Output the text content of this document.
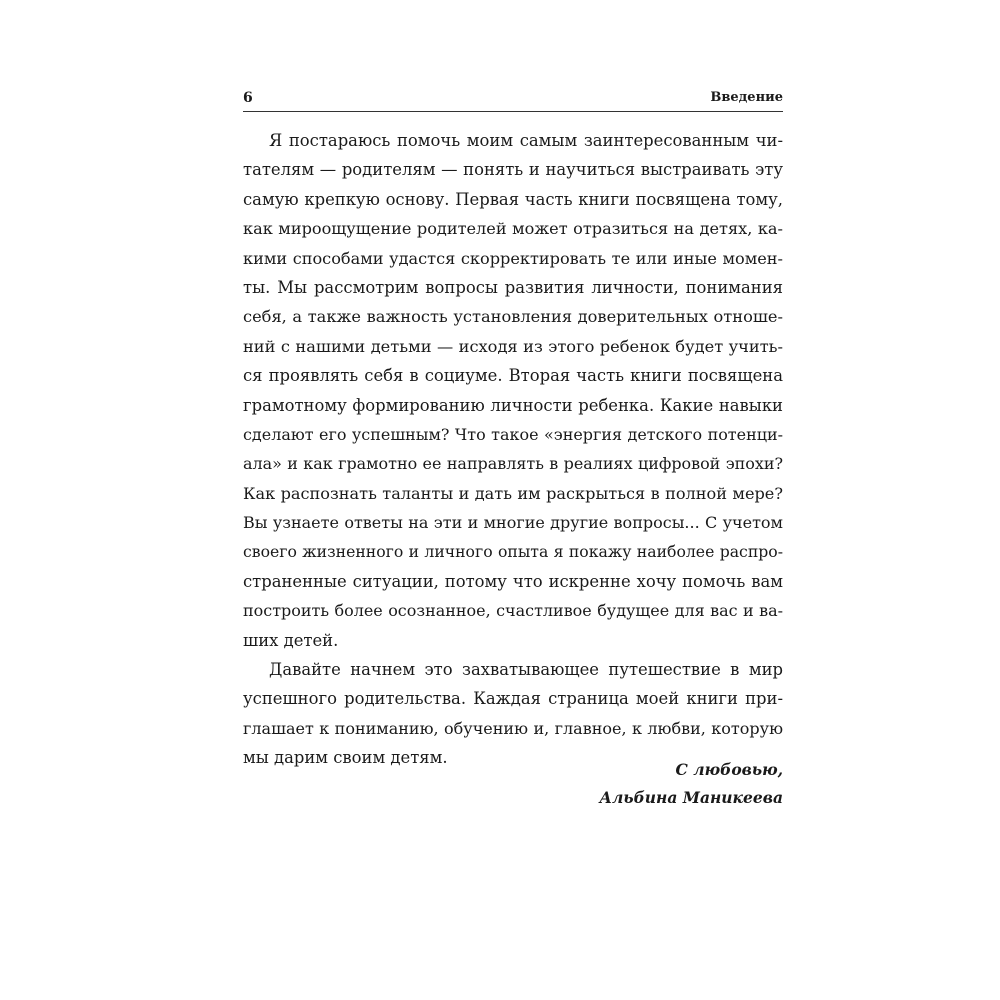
6	Введение
Я постараюсь помочь моим самым заинтересованным чи-
тателям — родителям — понять и научиться выстраивать эту
самую крепкую основу. Первая часть книги посвящена тому,
как мироощущение родителей может отразиться на детях, ка-
кими способами удастся скорректировать те или иные момен-
ты. Мы рассмотрим вопросы развития личности, понимания
себя, а также важность установления доверительных отноше-
ний с нашими детьми — исходя из этого ребенок будет учить-
ся проявлять себя в социуме. Вторая часть книги посвящена
грамотному формированию личности ребенка. Какие навыки
сделают его успешным? Что такое «энергия детского потенци-
ала» и как грамотно ее направлять в реалиях цифровой эпохи?
Как распознать таланты и дать им раскрыться в полной мере?
Вы узнаете ответы на эти и многие другие вопросы... С учетом
своего жизненного и личного опыта я покажу наиболее распро-
страненные ситуации, потому что искренне хочу помочь вам
построить более осознанное, счастливое будущее для вас и ва-
ших детей.
Давайте начнем это захватывающее путешествие в мир
успешного родительства. Каждая страница моей книги при-
глашает к пониманию, обучению и, главное, к любви, которую
мы дарим своим детям.
С любовью,
Альбина Маникеева
